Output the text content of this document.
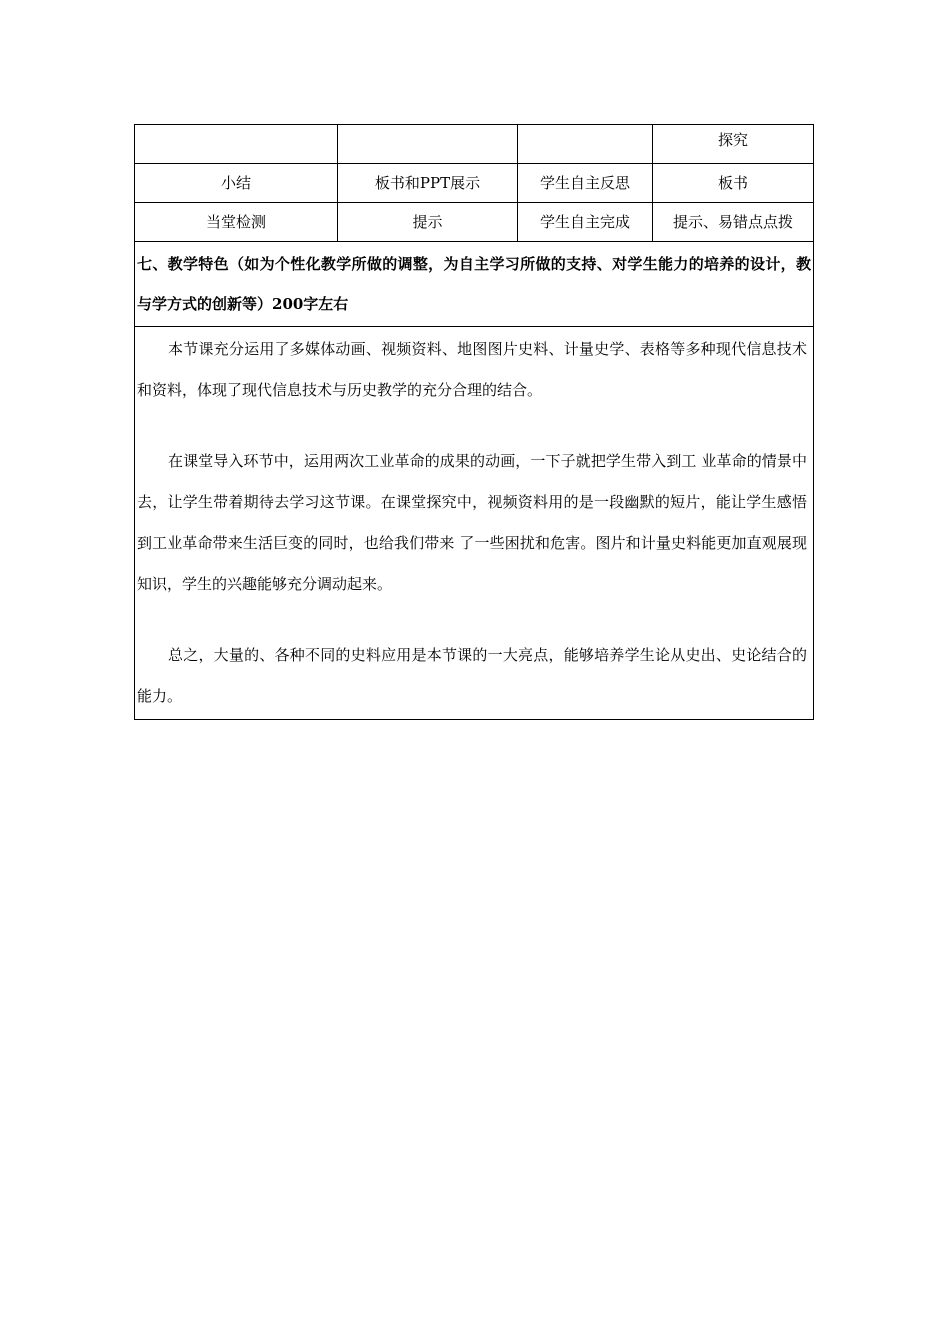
			探究
小结	板书和PPT展示	学生自主反思	板书
当堂检测	提示	学生自主完成	提示、易错点点拨
七、教学特色（如为个性化教学所做的调整，为自主学习所做的支持、对学生能力的培养的设计，教与学方式的创新等）200字左右			

本节课充分运用了多媒体动画、视频资料、地图图片史料、计量史学、表格等多种现代信息技术和资料，体现了现代信息技术与历史教学的充分合理的结合。

在课堂导入环节中，运用两次工业革命的成果的动画，一下子就把学生带入到工 业革命的情景中去，让学生带着期待去学习这节课。在课堂探究中，视频资料用的是一段幽默的短片，能让学生感悟到工业革命带来生活巨变的同时，也给我们带来 了一些困扰和危害。图片和计量史料能更加直观展现知识，学生的兴趣能够充分调动起来。

总之，大量的、各种不同的史料应用是本节课的一大亮点，能够培养学生论从史出、史论结合的能力。			
